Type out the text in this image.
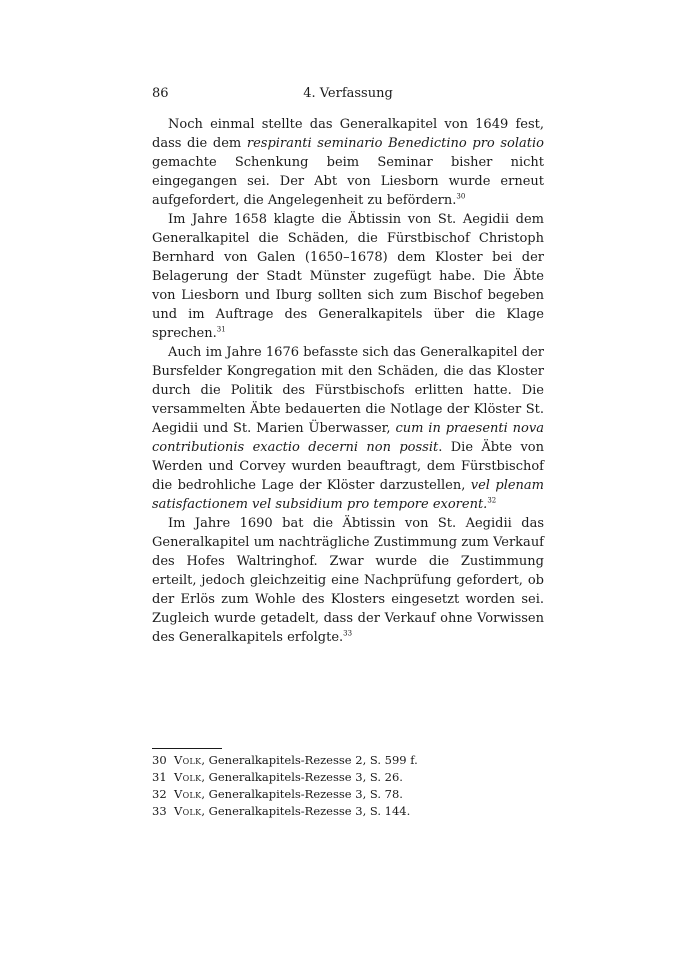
86	4. Verfassung

Noch einmal stellte das Generalkapitel von 1649 fest, dass die dem respiranti seminario Benedictino pro solatio gemachte Schenkung beim Seminar bisher nicht eingegangen sei. Der Abt von Liesborn wurde erneut aufgefordert, die Angelegenheit zu befördern.$^{30}$

Im Jahre 1658 klagte die Äbtissin von St. Aegidii dem Generalkapitel die Schäden, die Fürstbischof Christoph Bernhard von Galen (1650–1678) dem Kloster bei der Belagerung der Stadt Münster zugefügt habe. Die Äbte von Liesborn und Iburg sollten sich zum Bischof begeben und im Auftrage des Generalkapitels über die Klage sprechen.$^{31}$

Auch im Jahre 1676 befasste sich das Generalkapitel der Bursfelder Kongregation mit den Schäden, die das Kloster durch die Politik des Fürstbischofs erlitten hatte. Die versammelten Äbte bedauerten die Notlage der Klöster St. Aegidii und St. Marien Überwasser, cum in praesenti nova contributionis exactio decerni non possit. Die Äbte von Werden und Corvey wurden beauftragt, dem Fürstbischof die bedrohliche Lage der Klöster darzustellen, vel plenam satisfactionem vel subsidium pro tempore exorent.$^{32}$

Im Jahre 1690 bat die Äbtissin von St. Aegidii das Generalkapitel um nachträgliche Zustimmung zum Verkauf des Hofes Waltringhof. Zwar wurde die Zustimmung erteilt, jedoch gleichzeitig eine Nachprüfung gefordert, ob der Erlös zum Wohle des Klosters eingesetzt worden sei. Zugleich wurde getadelt, dass der Verkauf ohne Vorwissen des Generalkapitels erfolgte.$^{33}$

30 Volk, Generalkapitels-Rezesse 2, S. 599 f.
31 Volk, Generalkapitels-Rezesse 3, S. 26.
32 Volk, Generalkapitels-Rezesse 3, S. 78.
33 Volk, Generalkapitels-Rezesse 3, S. 144.
